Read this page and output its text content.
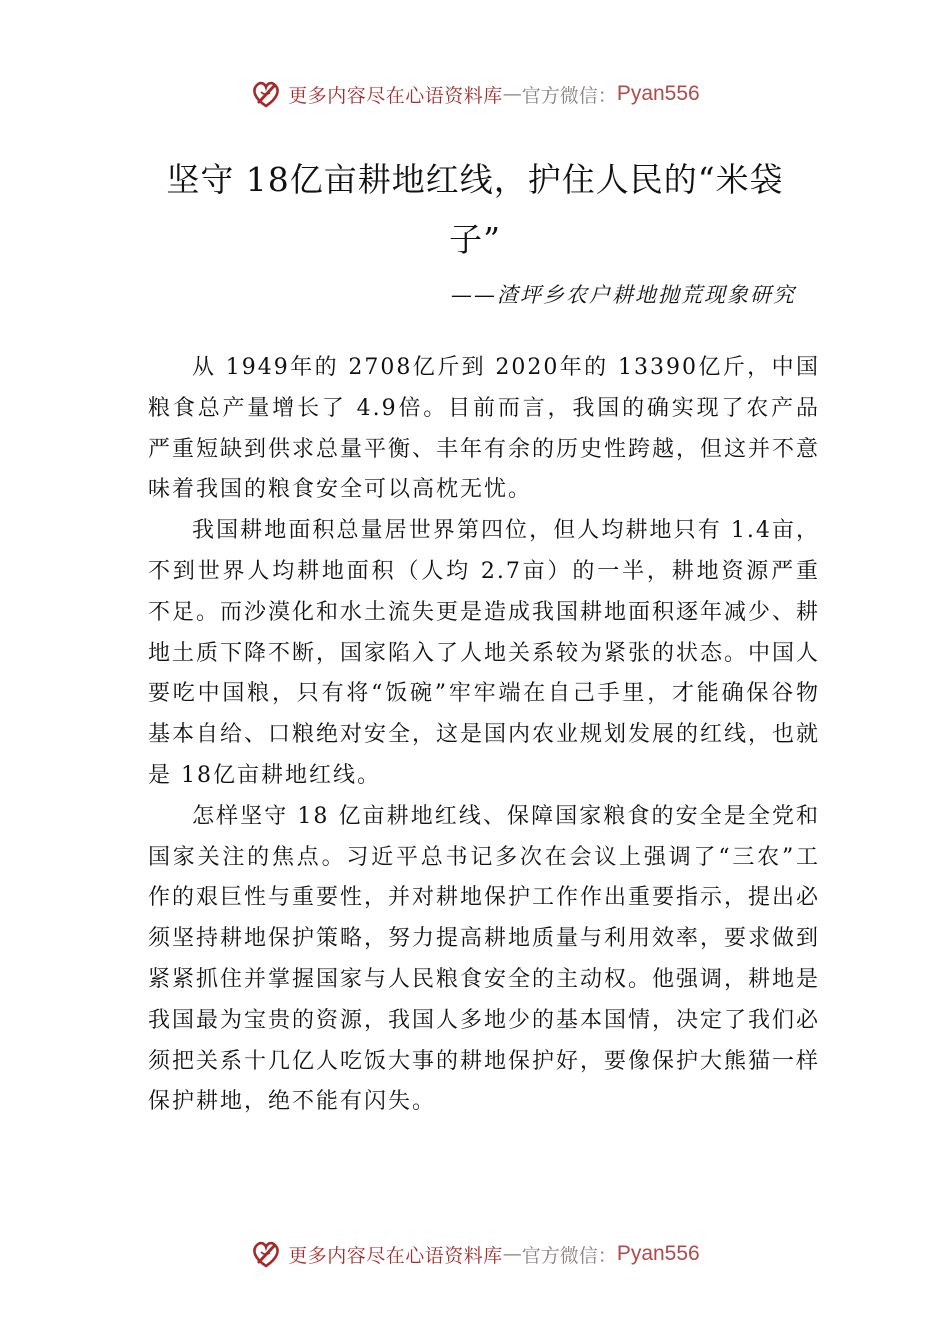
更多内容尽在心语资料库 — 官方微信： Pyan556
坚守 18亿亩耕地红线，护住人民的“米袋子”
——渣坪乡农户耕地抛荒现象研究

从 1949年的 2708亿斤到 2020年的 13390亿斤，中国粮食总产量增长了 4.9倍。目前而言，我国的确实现了农产品严重短缺到供求总量平衡、丰年有余的历史性跨越，但这并不意味着我国的粮食安全可以高枕无忧。

我国耕地面积总量居世界第四位，但人均耕地只有 1.4亩，不到世界人均耕地面积（人均 2.7亩）的一半，耕地资源严重不足。而沙漠化和水土流失更是造成我国耕地面积逐年减少、耕地土质下降不断，国家陷入了人地关系较为紧张的状态。中国人要吃中国粮，只有将“饭碗”牢牢端在自己手里，才能确保谷物基本自给、口粮绝对安全，这是国内农业规划发展的红线，也就是 18亿亩耕地红线。

怎样坚守 18 亿亩耕地红线、保障国家粮食的安全是全党和国家关注的焦点。习近平总书记多次在会议上强调了“三农”工作的艰巨性与重要性，并对耕地保护工作作出重要指示，提出必须坚持耕地保护策略，努力提高耕地质量与利用效率，要求做到紧紧抓住并掌握国家与人民粮食安全的主动权。他强调，耕地是我国最为宝贵的资源，我国人多地少的基本国情，决定了我们必须把关系十几亿人吃饭大事的耕地保护好，要像保护大熊猫一样保护耕地，绝不能有闪失。

更多内容尽在心语资料库 — 官方微信： Pyan556
